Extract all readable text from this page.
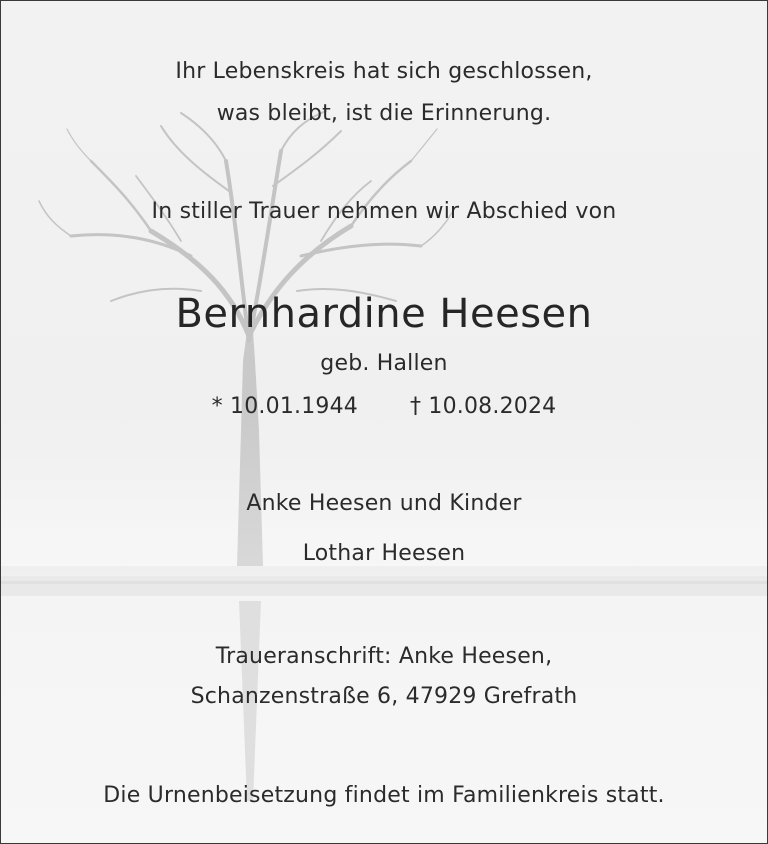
Ihr Lebenskreis hat sich geschlossen,
was bleibt, ist die Erinnerung.
In stiller Trauer nehmen wir Abschied von
Bernhardine Heesen
geb. Hallen
* 10.01.1944 † 10.08.2024
Anke Heesen und Kinder
Lothar Heesen
Traueranschrift: Anke Heesen,
Schanzenstraße 6, 47929 Grefrath
Die Urnenbeisetzung findet im Familienkreis statt.
